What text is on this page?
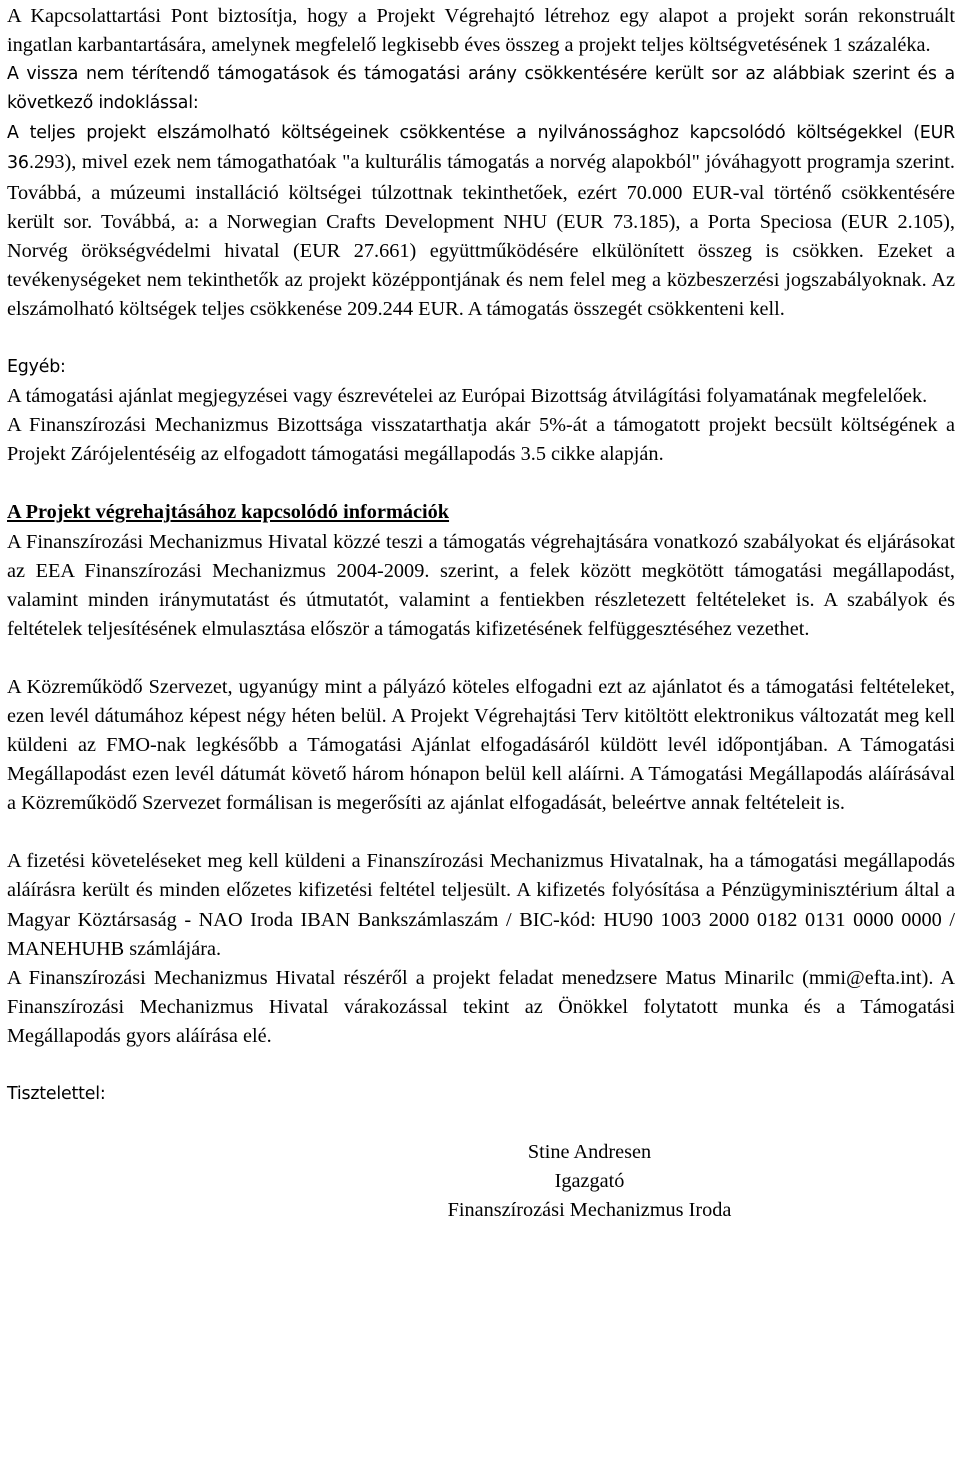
A Kapcsolattartási Pont biztosítja, hogy a Projekt Végrehajtó létrehoz egy alapot a projekt során rekonstruált ingatlan karbantartására, amelynek megfelelő legkisebb éves összeg a projekt teljes költségvetésének 1 százaléka.

A vissza nem térítendő támogatások és támogatási arány csökkentésére került sor az alábbiak szerint és a következő indoklással:

A teljes projekt elszámolható költségeinek csökkentése a nyilvánossághoz kapcsolódó költségekkel (EUR 36.293), mivel ezek nem támogathatóak "a kulturális támogatás a norvég alapokból" jóváhagyott programja szerint. Továbbá, a múzeumi installáció költségei túlzottnak tekinthetőek, ezért 70.000 EUR-val történő csökkentésére került sor. Továbbá, a: a Norwegian Crafts Development NHU (EUR 73.185), a Porta Speciosa (EUR 2.105), Norvég örökségvédelmi hivatal (EUR 27.661) együttműködésére elkülönített összeg is csökken. Ezeket a tevékenységeket nem tekinthetők az projekt középpontjának és nem felel meg a közbeszerzési jogszabályoknak. Az elszámolható költségek teljes csökkenése 209.244 EUR. A támogatás összegét csökkenteni kell.

Egyéb:

A támogatási ajánlat megjegyzései vagy észrevételei az Európai Bizottság átvilágítási folyamatának megfelelőek.

A Finanszírozási Mechanizmus Bizottsága visszatarthatja akár 5%-át a támogatott projekt becsült költségének a Projekt Zárójelentéséig az elfogadott támogatási megállapodás 3.5 cikke alapján.

A Projekt végrehajtásához kapcsolódó információk

A Finanszírozási Mechanizmus Hivatal közzé teszi a támogatás végrehajtására vonatkozó szabályokat és eljárásokat az EEA Finanszírozási Mechanizmus 2004-2009. szerint, a felek között megkötött támogatási megállapodást, valamint minden iránymutatást és útmutatót, valamint a fentiekben részletezett feltételeket is. A szabályok és feltételek teljesítésének elmulasztása először a támogatás kifizetésének felfüggesztéséhez vezethet.

A Közreműködő Szervezet, ugyanúgy mint a pályázó köteles elfogadni ezt az ajánlatot és a támogatási feltételeket, ezen levél dátumához képest négy héten belül. A Projekt Végrehajtási Terv kitöltött elektronikus változatát meg kell küldeni az FMO-nak legkésőbb a Támogatási Ajánlat elfogadásáról küldött levél időpontjában. A Támogatási Megállapodást ezen levél dátumát követő három hónapon belül kell aláírni. A Támogatási Megállapodás aláírásával a Közreműködő Szervezet formálisan is megerősíti az ajánlat elfogadását, beleértve annak feltételeit is.

A fizetési követeléseket meg kell küldeni a Finanszírozási Mechanizmus Hivatalnak, ha a támogatási megállapodás aláírásra került és minden előzetes kifizetési feltétel teljesült. A kifizetés folyósítása a Pénzügyminisztérium által a Magyar Köztársaság - NAO Iroda IBAN Bankszámlaszám / BIC-kód: HU90 1003 2000 0182 0131 0000 0000 / MANEHUHB számlájára.

A Finanszírozási Mechanizmus Hivatal részéről a projekt feladat menedzsere Matus Minarilc (mmi@efta.int). A Finanszírozási Mechanizmus Hivatal várakozással tekint az Önökkel folytatott munka és a Támogatási Megállapodás gyors aláírása elé.

Tisztelettel:

Stine Andresen
Igazgató
Finanszírozási Mechanizmus Iroda
